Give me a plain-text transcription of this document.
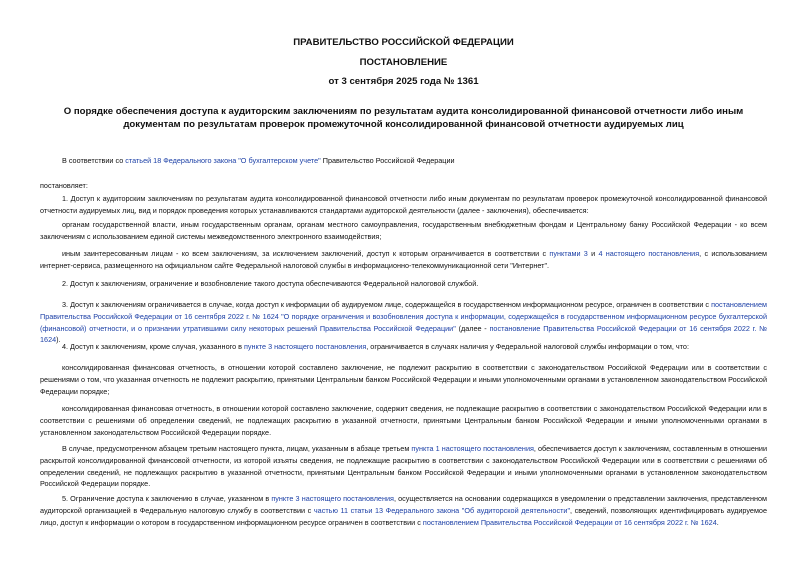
ПРАВИТЕЛЬСТВО РОССИЙСКОЙ ФЕДЕРАЦИИ
ПОСТАНОВЛЕНИЕ
от 3 сентября 2025 года № 1361
О порядке обеспечения доступа к аудиторским заключениям по результатам аудита консолидированной финансовой отчетности либо иным документам по результатам проверок промежуточной консолидированной финансовой отчетности аудируемых лиц
В соответствии со статьей 18 Федерального закона "О бухгалтерском учете" Правительство Российской Федерации
постановляет:
1. Доступ к аудиторским заключениям по результатам аудита консолидированной финансовой отчетности либо иным документам по результатам проверок промежуточной консолидированной финансовой отчетности аудируемых лиц, вид и порядок проведения которых устанавливаются стандартами аудиторской деятельности (далее - заключения), обеспечивается:
органам государственной власти, иным государственным органам, органам местного самоуправления, государственным внебюджетным фондам и Центральному банку Российской Федерации - ко всем заключениям с использованием единой системы межведомственного электронного взаимодействия;
иным заинтересованным лицам - ко всем заключениям, за исключением заключений, доступ к которым ограничивается в соответствии с пунктами 3 и 4 настоящего постановления, с использованием интернет-сервиса, размещенного на официальном сайте Федеральной налоговой службы в информационно-телекоммуникационной сети "Интернет".
2. Доступ к заключениям, ограничение и возобновление такого доступа обеспечиваются Федеральной налоговой службой.
3. Доступ к заключениям ограничивается в случае, когда доступ к информации об аудируемом лице, содержащейся в государственном информационном ресурсе, ограничен в соответствии с постановлением Правительства Российской Федерации от 16 сентября 2022 г. № 1624 "О порядке ограничения и возобновления доступа к информации, содержащейся в государственном информационном ресурсе бухгалтерской (финансовой) отчетности, и о признании утратившими силу некоторых решений Правительства Российской Федерации" (далее - постановление Правительства Российской Федерации от 16 сентября 2022 г. № 1624).
4. Доступ к заключениям, кроме случая, указанного в пункте 3 настоящего постановления, ограничивается в случаях наличия у Федеральной налоговой службы информации о том, что:
консолидированная финансовая отчетность, в отношении которой составлено заключение, не подлежит раскрытию в соответствии с законодательством Российской Федерации или в соответствии с решениями о том, что указанная отчетность не подлежит раскрытию, принятыми Центральным банком Российской Федерации и иными уполномоченными органами в установленном законодательством Российской Федерации порядке;
консолидированная финансовая отчетность, в отношении которой составлено заключение, содержит сведения, не подлежащие раскрытию в соответствии с законодательством Российской Федерации или в соответствии с решениями об определении сведений, не подлежащих раскрытию в указанной отчетности, принятыми Центральным банком Российской Федерации и иными уполномоченными органами в установленном законодательством Российской Федерации порядке.
В случае, предусмотренном абзацем третьим настоящего пункта, лицам, указанным в абзаце третьем пункта 1 настоящего постановления, обеспечивается доступ к заключениям, составленным в отношении раскрытой консолидированной финансовой отчетности, из которой изъяты сведения, не подлежащие раскрытию в соответствии с законодательством Российской Федерации или в соответствии с решениями об определении сведений, не подлежащих раскрытию в указанной отчетности, принятыми Центральным банком Российской Федерации и иными уполномоченными органами в установленном законодательством Российской Федерации порядке.
5. Ограничение доступа к заключению в случае, указанном в пункте 3 настоящего постановления, осуществляется на основании содержащихся в уведомлении о представлении заключения, представленном аудиторской организацией в Федеральную налоговую службу в соответствии с частью 11 статьи 13 Федерального закона "Об аудиторской деятельности", сведений, позволяющих идентифицировать аудируемое лицо, доступ к информации о котором в государственном информационном ресурсе ограничен в соответствии с постановлением Правительства Российской Федерации от 16 сентября 2022 г. № 1624.
